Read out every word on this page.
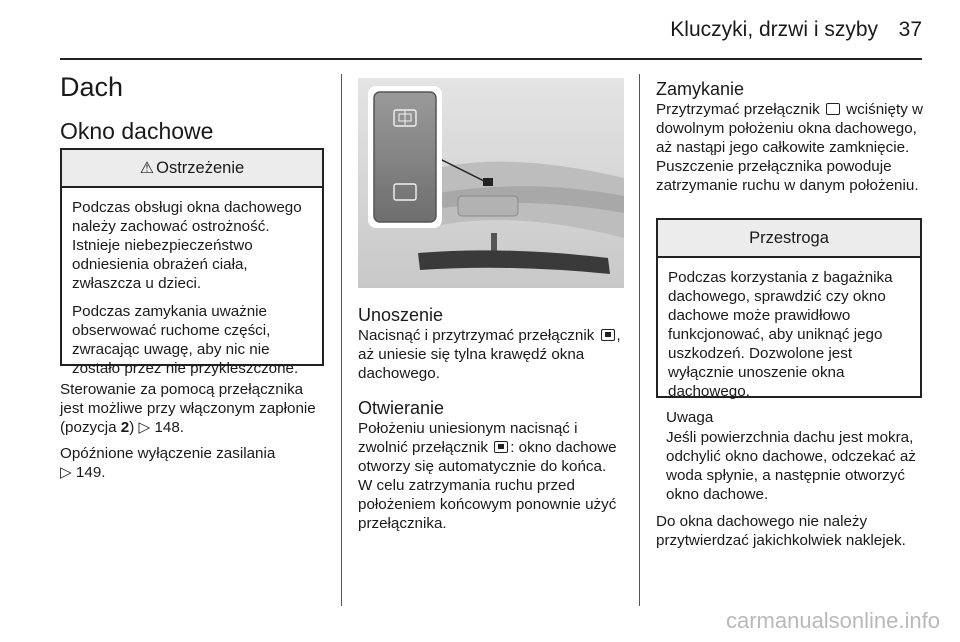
Kluczyki, drzwi i szyby 37
Dach
Okno dachowe
⚠ Ostrzeżenie

Podczas obsługi okna dachowego należy zachować ostrożność. Istnieje niebezpieczeństwo odniesienia obrażeń ciała, zwłaszcza u dzieci.

Podczas zamykania uważnie obserwować ruchome części, zwracając uwagę, aby nic nie zostało przez nie przykleszczone.

Sterowanie za pomocą przełącznika jest możliwe przy włączonym zapłonie (pozycja 2) ▷ 148.

Opóźnione wyłączenie zasilania
▷ 149.

Unoszenie

Nacisnąć i przytrzymać przełącznik , aż uniesie się tylna krawędź okna dachowego.

Otwieranie

Położeniu uniesionym nacisnąć i zwolnić przełącznik : okno dachowe otworzy się automatycznie do końca. W celu zatrzymania ruchu przed położeniem końcowym ponownie użyć przełącznika.

Zamykanie

Przytrzymać przełącznik  wciśnięty w dowolnym położeniu okna dachowego, aż nastąpi jego całkowite zamknięcie. Puszczenie przełącznika powoduje zatrzymanie ruchu w danym położeniu.

Przestroga

Podczas korzystania z bagażnika dachowego, sprawdzić czy okno dachowe może prawidłowo funkcjonować, aby uniknąć jego uszkodzeń. Dozwolone jest wyłącznie unoszenie okna dachowego.

Uwaga

Jeśli powierzchnia dachu jest mokra, odchylić okno dachowe, odczekać aż woda spłynie, a następnie otworzyć okno dachowe.

Do okna dachowego nie należy przytwierdzać jakichkolwiek naklejek.

carmanualsonline.info
